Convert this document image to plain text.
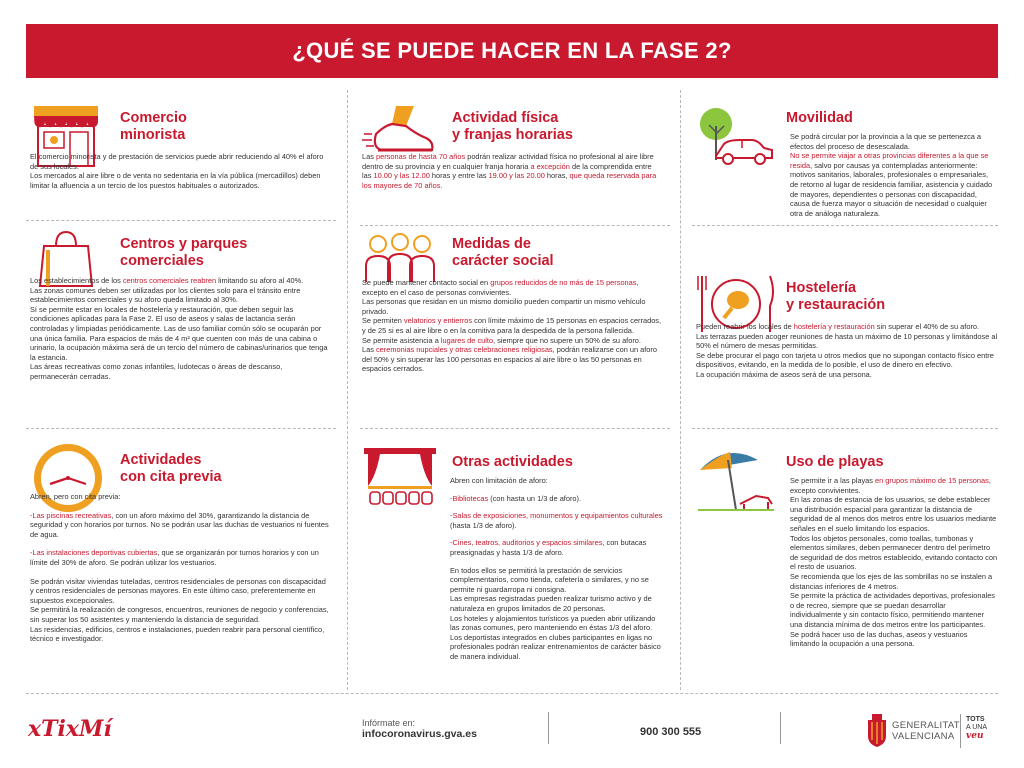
¿QUÉ SE PUEDE HACER EN LA FASE 2?
Comercio
minorista

El comercio minorista y de prestación de servicios puede abrir reduciendo al 40% el aforo de sus locales.

Los mercados al aire libre o de venta no sedentaria en la vía pública (mercadillos) deben limitar la afluencia a un tercio de los puestos habituales o autorizados.

Actividad física
y franjas horarias

Las personas de hasta 70 años podrán realizar actividad física no profesional al aire libre dentro de su provincia y en cualquier franja horaria a excepción de la comprendida entre las 10.00 y las 12.00 horas y entre las 19.00 y las 20.00 horas, que queda reservada para los mayores de 70 años.

Movilidad

Se podrá circular por la provincia a la que se pertenezca a efectos del proceso de desescalada.

No se permite viajar a otras provincias diferentes a la que se resida, salvo por causas ya contempladas anteriormente: motivos sanitarios, laborales, profesionales o empresariales, de retorno al lugar de residencia familiar, asistencia y cuidado de mayores, dependientes o personas con discapacidad, causa de fuerza mayor o situación de necesidad o cualquier otra de análoga naturaleza.

Centros y parques
comerciales

Los establecimientos de los centros comerciales reabren limitando su aforo al 40%.

Las zonas comunes deben ser utilizadas por los clientes solo para el tránsito entre establecimientos comerciales y su aforo queda limitado al 30%.

Sí se permite estar en locales de hostelería y restauración, que deben seguir las condiciones aplicadas para la Fase 2. El uso de aseos y salas de lactancia serán controladas y limpiadas periódicamente. Las de uso familiar común sólo se ocuparán por una única familia. Para espacios de más de 4 m² que cuenten con más de una cabina o urinario, la ocupación máxima será de un tercio del número de cabinas/urinarios que tenga la estancia.

Las áreas recreativas como zonas infantiles, ludotecas o áreas de descanso, permanecerán cerradas.

Medidas de
carácter social

Se puede mantener contacto social en grupos reducidos de no más de 15 personas, excepto en el caso de personas convivientes.

Las personas que residan en un mismo domicilio pueden compartir un mismo vehículo privado.

Se permiten velatorios y entierros con límite máximo de 15 personas en espacios cerrados, y de 25 si es al aire libre o en la comitiva para la despedida de la persona fallecida.

Se permite asistencia a lugares de culto, siempre que no supere un 50% de su aforo.

Las ceremonias nupciales y otras celebraciones religiosas, podrán realizarse con un aforo del 50% y sin superar las 100 personas en espacios al aire libre o las 50 personas en espacios cerrados.

Hostelería
y restauración

Pueden reabrir los locales de hostelería y restauración sin superar el 40% de su aforo.

Las terrazas pueden acoger reuniones de hasta un máximo de 10 personas y limitándose al 50% el número de mesas permitidas.

Se debe procurar el pago con tarjeta u otros medios que no supongan contacto físico entre dispositivos, evitando, en la medida de lo posible, el uso de dinero en efectivo.

La ocupación máxima de aseos será de una persona.

Actividades
con cita previa

Abren, pero con cita previa:

-Las piscinas recreativas, con un aforo máximo del 30%, garantizando la distancia de seguridad y con horarios por turnos. No se podrán usar las duchas de vestuarios ni fuentes de agua.

-Las instalaciones deportivas cubiertas, que se organizarán por turnos horarios y con un límite del 30% de aforo. Se podrán utilizar los vestuarios.

Se podrán visitar viviendas tuteladas, centros residenciales de personas con discapacidad y centros residenciales de personas mayores. En este último caso, preferentemente en supuestos excepcionales.

Se permitirá la realización de congresos, encuentros, reuniones de negocio y conferencias, sin superar los 50 asistentes y manteniendo la distancia de seguridad.

Las residencias, edificios, centros e instalaciones, pueden reabrir para personal científico, técnico e investigador.

Otras actividades

Abren con limitación de aforo:

-Bibliotecas (con hasta un 1/3 de aforo).

-Salas de exposiciones, monumentos y equipamientos culturales (hasta 1/3 de aforo).

-Cines, teatros, auditorios y espacios similares, con butacas preasignadas y hasta 1/3 de aforo.

En todos ellos se permitirá la prestación de servicios complementarios, como tienda, cafetería o similares, y no se permite ni guardarropa ni consigna.

Las empresas registradas pueden realizar turismo activo y de naturaleza en grupos limitados de 20 personas.

Los hoteles y alojamientos turísticos ya pueden abrir utilizando las zonas comunes, pero manteniendo en éstas 1/3 del aforo.

Los deportistas integrados en clubes participantes en ligas no profesionales podrán realizar entrenamientos de carácter básico de manera individual.

Uso de playas

Se permite ir a las playas en grupos máximo de 15 personas, excepto convivientes.

En las zonas de estancia de los usuarios, se debe establecer una distribución espacial para garantizar la distancia de seguridad de al menos dos metros entre los usuarios mediante señales en el suelo limitando los espacios.

Todos los objetos personales, como toallas, tumbonas y elementos similares, deben permanecer dentro del perímetro de seguridad de dos metros establecido, evitando contacto con el resto de usuarios.

Se recomienda que los ejes de las sombrillas no se instalen a distancias inferiores de 4 metros.

Se permite la práctica de actividades deportivas, profesionales o de recreo, siempre que se puedan desarrollar individualmente y sin contacto físico, permitiendo mantener una distancia mínima de dos metros entre los participantes.

Se podrá hacer uso de las duchas, aseos y vestuarios limitando la ocupación a una persona.

xTixMí	Infórmate en:
infocoronavirus.gva.es	900 300 555
GENERALITAT
VALENCIANA
TOTS
A UNA
veu
